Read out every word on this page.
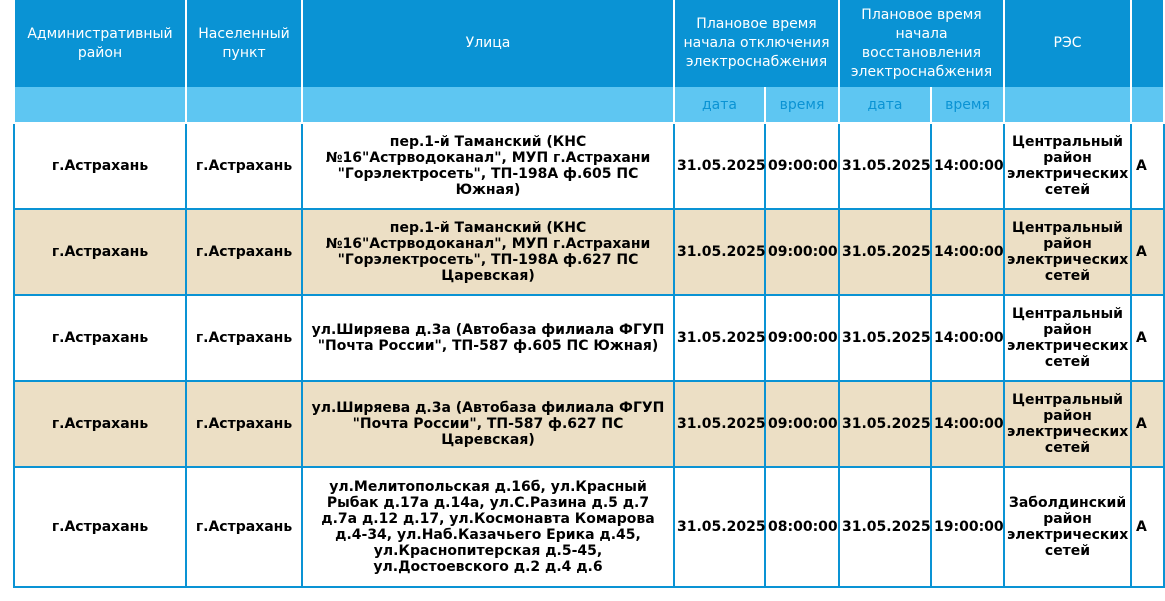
Административный район	Населенный пункт	Улица	Плановое время начала отключения электроснабжения		Плановое время начала восстановления электроснабжения		РЭС	
			дата	время	дата	время		
г.Астрахань	г.Астрахань	пер.1-й Таманский (КНС №16"Астрводоканал", МУП г.Астрахани "Горэлектросеть", ТП-198А ф.605 ПС Южная)	31.05.2025	09:00:00	31.05.2025	14:00:00	Центральный район электрических сетей	А
г.Астрахань	г.Астрахань	пер.1-й Таманский (КНС №16"Астрводоканал", МУП г.Астрахани "Горэлектросеть", ТП-198А ф.627 ПС Царевская)	31.05.2025	09:00:00	31.05.2025	14:00:00	Центральный район электрических сетей	А
г.Астрахань	г.Астрахань	ул.Ширяева д.3а (Автобаза филиала ФГУП "Почта России", ТП-587 ф.605 ПС Южная)	31.05.2025	09:00:00	31.05.2025	14:00:00	Центральный район электрических сетей	А
г.Астрахань	г.Астрахань	ул.Ширяева д.3а (Автобаза филиала ФГУП "Почта России", ТП-587 ф.627 ПС Царевская)	31.05.2025	09:00:00	31.05.2025	14:00:00	Центральный район электрических сетей	А
г.Астрахань	г.Астрахань	ул.Мелитопольская д.16б, ул.Красный Рыбак д.17а д.14а, ул.С.Разина д.5 д.7 д.7а д.12 д.17, ул.Космонавта Комарова д.4-34, ул.Наб.Казачьего Ерика д.45, ул.Краснопитерская д.5-45, ул.Достоевского д.2 д.4 д.6	31.05.2025	08:00:00	31.05.2025	19:00:00	Заболдинский район электрических сетей	А
